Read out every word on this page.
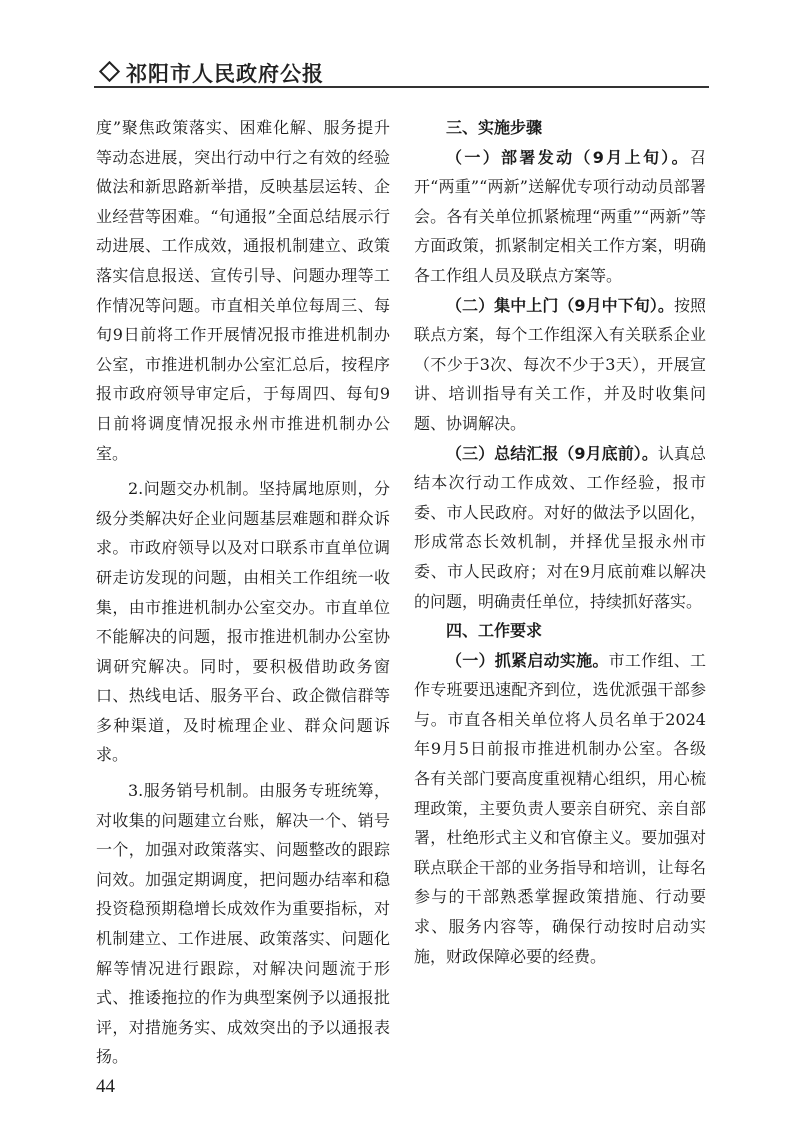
祁阳市人民政府公报

度”聚焦政策落实、困难化解、服务提升等动态进展，突出行动中行之有效的经验做法和新思路新举措，反映基层运转、企业经营等困难。“旬通报”全面总结展示行动进展、工作成效，通报机制建立、政策落实信息报送、宣传引导、问题办理等工作情况等问题。市直相关单位每周三、每旬9日前将工作开展情况报市推进机制办公室，市推进机制办公室汇总后，按程序报市政府领导审定后，于每周四、每旬9日前将调度情况报永州市推进机制办公室。

2.问题交办机制。坚持属地原则，分级分类解决好企业问题基层难题和群众诉求。市政府领导以及对口联系市直单位调研走访发现的问题，由相关工作组统一收集，由市推进机制办公室交办。市直单位不能解决的问题，报市推进机制办公室协调研究解决。同时，要积极借助政务窗口、热线电话、服务平台、政企微信群等多种渠道，及时梳理企业、群众问题诉求。

3.服务销号机制。由服务专班统筹，对收集的问题建立台账，解决一个、销号一个，加强对政策落实、问题整改的跟踪问效。加强定期调度，把问题办结率和稳投资稳预期稳增长成效作为重要指标，对机制建立、工作进展、政策落实、问题化解等情况进行跟踪，对解决问题流于形式、推诿拖拉的作为典型案例予以通报批评，对措施务实、成效突出的予以通报表扬。

三、实施步骤

（一）部署发动（9月上旬）。召开“两重”“两新”送解优专项行动动员部署会。各有关单位抓紧梳理“两重”“两新”等方面政策，抓紧制定相关工作方案，明确各工作组人员及联点方案等。

（二）集中上门（9月中下旬）。按照联点方案，每个工作组深入有关联系企业（不少于3次、每次不少于3天），开展宣讲、培训指导有关工作，并及时收集问题、协调解决。

（三）总结汇报（9月底前）。认真总结本次行动工作成效、工作经验，报市委、市人民政府。对好的做法予以固化，形成常态长效机制，并择优呈报永州市委、市人民政府；对在9月底前难以解决的问题，明确责任单位，持续抓好落实。

四、工作要求

（一）抓紧启动实施。市工作组、工作专班要迅速配齐到位，选优派强干部参与。市直各相关单位将人员名单于2024年9月5日前报市推进机制办公室。各级各有关部门要高度重视精心组织，用心梳理政策，主要负责人要亲自研究、亲自部署，杜绝形式主义和官僚主义。要加强对联点联企干部的业务指导和培训，让每名参与的干部熟悉掌握政策措施、行动要求、服务内容等，确保行动按时启动实施，财政保障必要的经费。

44
